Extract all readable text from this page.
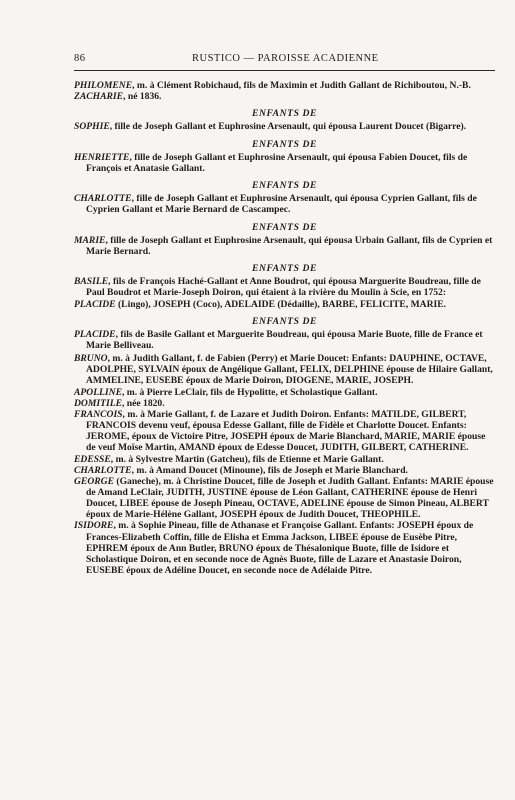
86	RUSTICO — PAROISSE ACADIENNE
PHILOMENE, m. à Clément Robichaud, fils de Maximin et Judith Gallant de Richiboutou, N.-B.
ZACHARIE, né 1836.
ENFANTS DE
SOPHIE, fille de Joseph Gallant et Euphrosine Arsenault, qui épousa Laurent Doucet (Bigarre).
ENFANTS DE
HENRIETTE, fille de Joseph Gallant et Euphrosine Arsenault, qui épousa Fabien Doucet, fils de François et Anatasie Gallant.
ENFANTS DE
CHARLOTTE, fille de Joseph Gallant et Euphrosine Arsenault, qui épousa Cyprien Gallant, fils de Cyprien Gallant et Marie Bernard de Cascampec.
ENFANTS DE
MARIE, fille de Joseph Gallant et Euphrosine Arsenault, qui épousa Urbain Gallant, fils de Cyprien et Marie Bernard.
ENFANTS DE
BASILE, fils de François Haché-Gallant et Anne Boudrot, qui épousa Marguerite Boudreau, fille de Paul Boudrot et Marie-Joseph Doiron, qui étaient à la rivière du Moulin à Scie, en 1752:
PLACIDE (Lingo), JOSEPH (Coco), ADELAIDE (Dédaille), BARBE, FELICITE, MARIE.
ENFANTS DE
PLACIDE, fils de Basile Gallant et Marguerite Boudreau, qui épousa Marie Buote, fille de France et Marie Belliveau.
BRUNO, m. à Judith Gallant, f. de Fabien (Perry) et Marie Doucet: Enfants: DAUPHINE, OCTAVE, ADOLPHE, SYLVAIN époux de Angélique Gallant, FELIX, DELPHINE épouse de Hilaire Gallant, AMMELINE, EUSEBE époux de Marie Doiron, DIOGENE, MARIE, JOSEPH.
APOLLINE, m. à Pierre LeClair, fils de Hypolitte, et Scholastique Gallant.
DOMITILE, née 1820.
FRANCOIS, m. à Marie Gallant, f. de Lazare et Judith Doiron. Enfants: MATILDE, GILBERT, FRANCOIS devenu veuf, épousa Edesse Gallant, fille de Fidèle et Charlotte Doucet. Enfants: JEROME, époux de Victoire Pitre, JOSEPH époux de Marie Blanchard, MARIE, MARIE épouse de veuf Moïse Martin, AMAND époux de Edesse Doucet, JUDITH, GILBERT, CATHERINE.
EDESSE, m. à Sylvestre Martin (Gatcheu), fils de Etienne et Marie Gallant.
CHARLOTTE, m. à Amand Doucet (Minoune), fils de Joseph et Marie Blanchard.
GEORGE (Ganeche), m. à Christine Doucet, fille de Joseph et Judith Gallant. Enfants: MARIE épouse de Amand LeClair, JUDITH, JUSTINE épouse de Léon Gallant, CATHERINE épouse de Henri Doucet, LIBEE épouse de Joseph Pineau, OCTAVE, ADELINE épouse de Simon Pineau, ALBERT époux de Marie-Hélène Gallant, JOSEPH époux de Judith Doucet, THEOPHILE.
ISIDORE, m. à Sophie Pineau, fille de Athanase et Françoise Gallant. Enfants: JOSEPH époux de Frances-Elizabeth Coffin, fille de Elisha et Emma Jackson, LIBEE épouse de Eusèbe Pitre, EPHREM époux de Ann Butler, BRUNO époux de Thésalonique Buote, fille de Isidore et Scholastique Doiron, et en seconde noce de Agnès Buote, fille de Lazare et Anastasie Doiron, EUSEBE époux de Adéline Doucet, en seconde noce de Adélaide Pitre.
